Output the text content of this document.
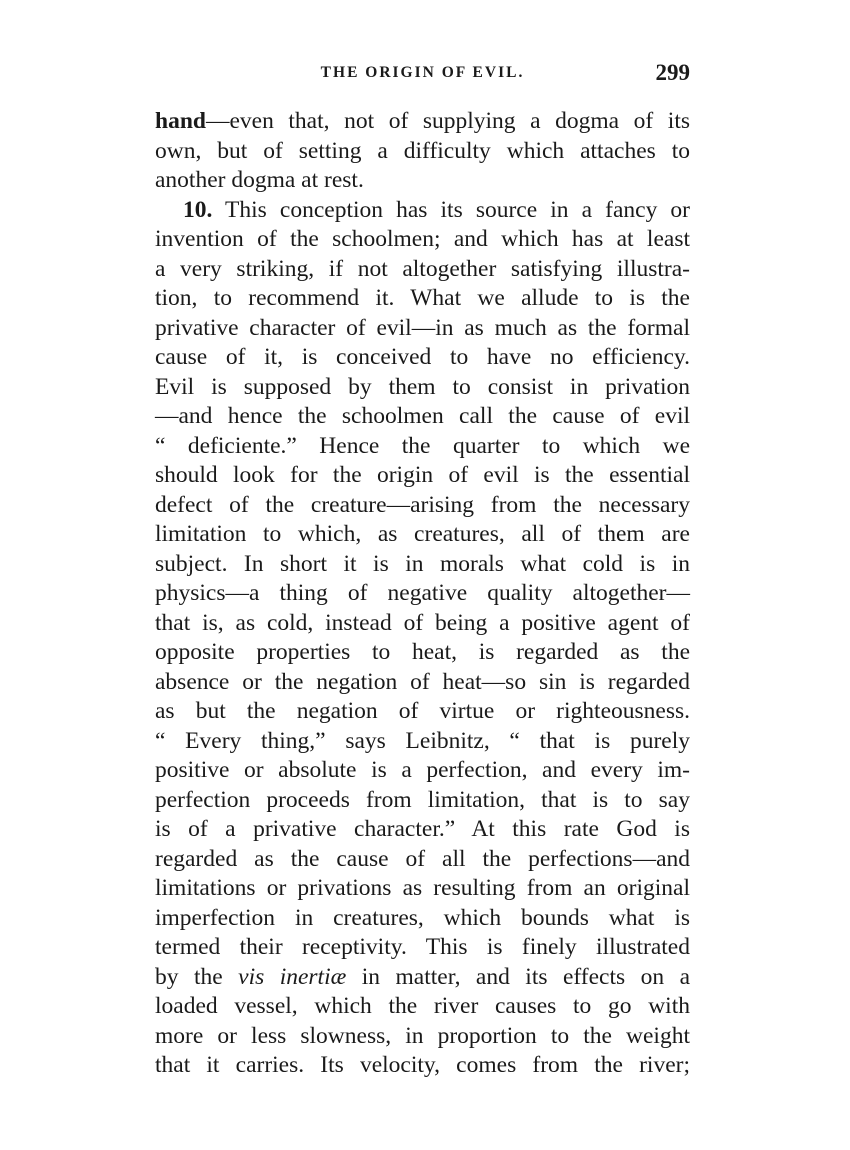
THE ORIGIN OF EVIL.	299
hand—even that, not of supplying a dogma of its
own, but of setting a difficulty which attaches to
another dogma at rest.
10. This conception has its source in a fancy or
invention of the schoolmen; and which has at least
a very striking, if not altogether satisfying illustra-
tion, to recommend it. What we allude to is the
privative character of evil—in as much as the formal
cause of it, is conceived to have no efficiency.
Evil is supposed by them to consist in privation
—and hence the schoolmen call the cause of evil
“ deficiente.” Hence the quarter to which we
should look for the origin of evil is the essential
defect of the creature—arising from the necessary
limitation to which, as creatures, all of them are
subject. In short it is in morals what cold is in
physics—a thing of negative quality altogether—
that is, as cold, instead of being a positive agent of
opposite properties to heat, is regarded as the
absence or the negation of heat—so sin is regarded
as but the negation of virtue or righteousness.
“ Every thing,” says Leibnitz, “ that is purely
positive or absolute is a perfection, and every im-
perfection proceeds from limitation, that is to say
is of a privative character.” At this rate God is
regarded as the cause of all the perfections—and
limitations or privations as resulting from an original
imperfection in creatures, which bounds what is
termed their receptivity. This is finely illustrated
by the vis inertiæ in matter, and its effects on a
loaded vessel, which the river causes to go with
more or less slowness, in proportion to the weight
that it carries. Its velocity, comes from the river;
